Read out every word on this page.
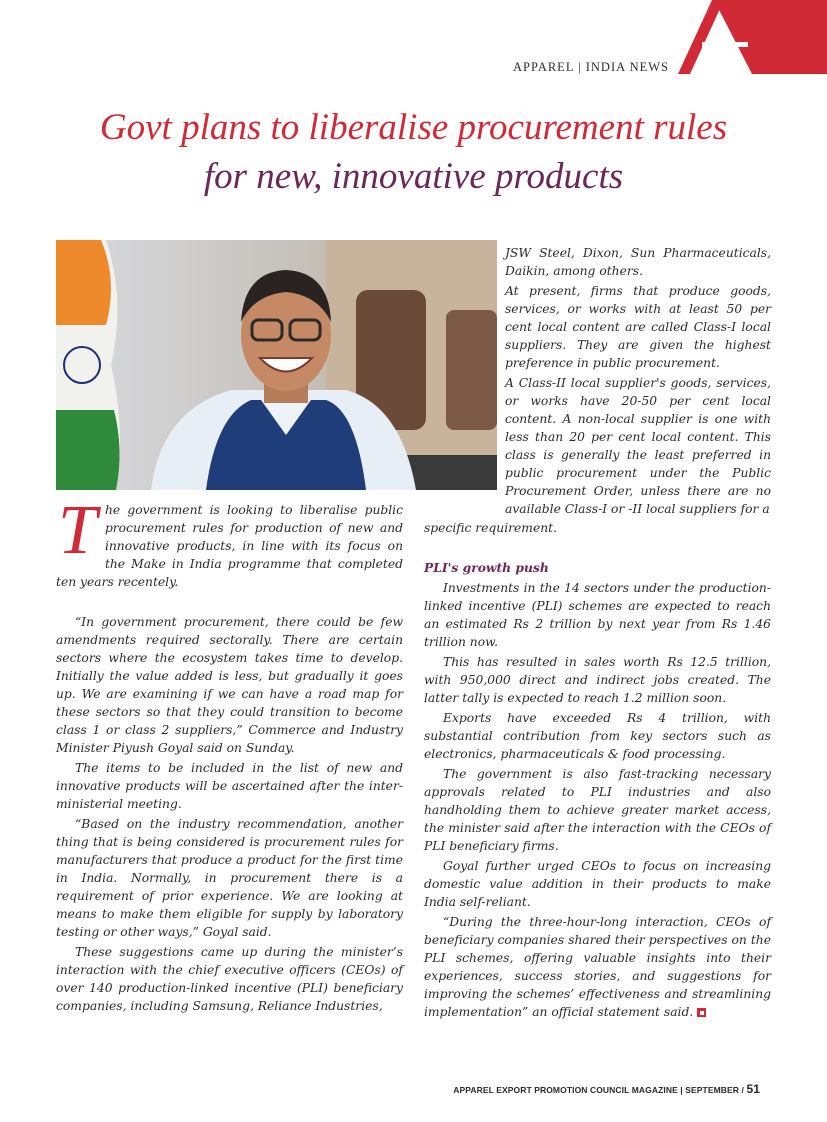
APPAREL | INDIA NEWS
Govt plans to liberalise procurement rules
for new, innovative products

JSW Steel, Dixon, Sun Pharmaceuticals, Daikin, among others.

At present, firms that produce goods, services, or works with at least 50 per cent local content are called Class-I local suppliers. They are given the highest preference in public procurement.

A Class-II local supplier's goods, services, or works have 20-50 per cent local content. A non-local supplier is one with less than 20 per cent local content. This class is generally the least preferred in public procurement under the Public Procurement Order, unless there are no available Class-I or -II local suppliers for a

specific requirement.
T he government is looking to liberalise public procurement rules for production of new and innovative products, in line with its focus on the Make in India programme that completed ten years recentely.

“In government procurement, there could be few amendments required sectorally. There are certain sectors where the ecosystem takes time to develop. Initially the value added is less, but gradually it goes up. We are examining if we can have a road map for these sectors so that they could transition to become class 1 or class 2 suppliers,” Commerce and Industry Minister Piyush Goyal said on Sunday.

The items to be included in the list of new and innovative products will be ascertained after the inter-ministerial meeting.

“Based on the industry recommendation, another thing that is being considered is procurement rules for manufacturers that produce a product for the first time in India. Normally, in procurement there is a requirement of prior experience. We are looking at means to make them eligible for supply by laboratory testing or other ways,” Goyal said.

These suggestions came up during the minister’s interaction with the chief executive officers (CEOs) of over 140 production-linked incentive (PLI) beneficiary companies, including Samsung, Reliance Industries,

PLI's growth push

Investments in the 14 sectors under the production-linked incentive (PLI) schemes are expected to reach an estimated Rs 2 trillion by next year from Rs 1.46 trillion now.

This has resulted in sales worth Rs 12.5 trillion, with 950,000 direct and indirect jobs created. The latter tally is expected to reach 1.2 million soon.

Exports have exceeded Rs 4 trillion, with substantial contribution from key sectors such as electronics, pharmaceuticals & food processing.

The government is also fast-tracking necessary approvals related to PLI industries and also handholding them to achieve greater market access, the minister said after the interaction with the CEOs of PLI beneficiary firms.

Goyal further urged CEOs to focus on increasing domestic value addition in their products to make India self-reliant.

“During the three-hour-long interaction, CEOs of beneficiary companies shared their perspectives on the PLI schemes, offering valuable insights into their experiences, success stories, and suggestions for improving the schemes’ effectiveness and streamlining implementation” an official statement said.

APPAREL EXPORT PROMOTION COUNCIL MAGAZINE | SEPTEMBER / 51
